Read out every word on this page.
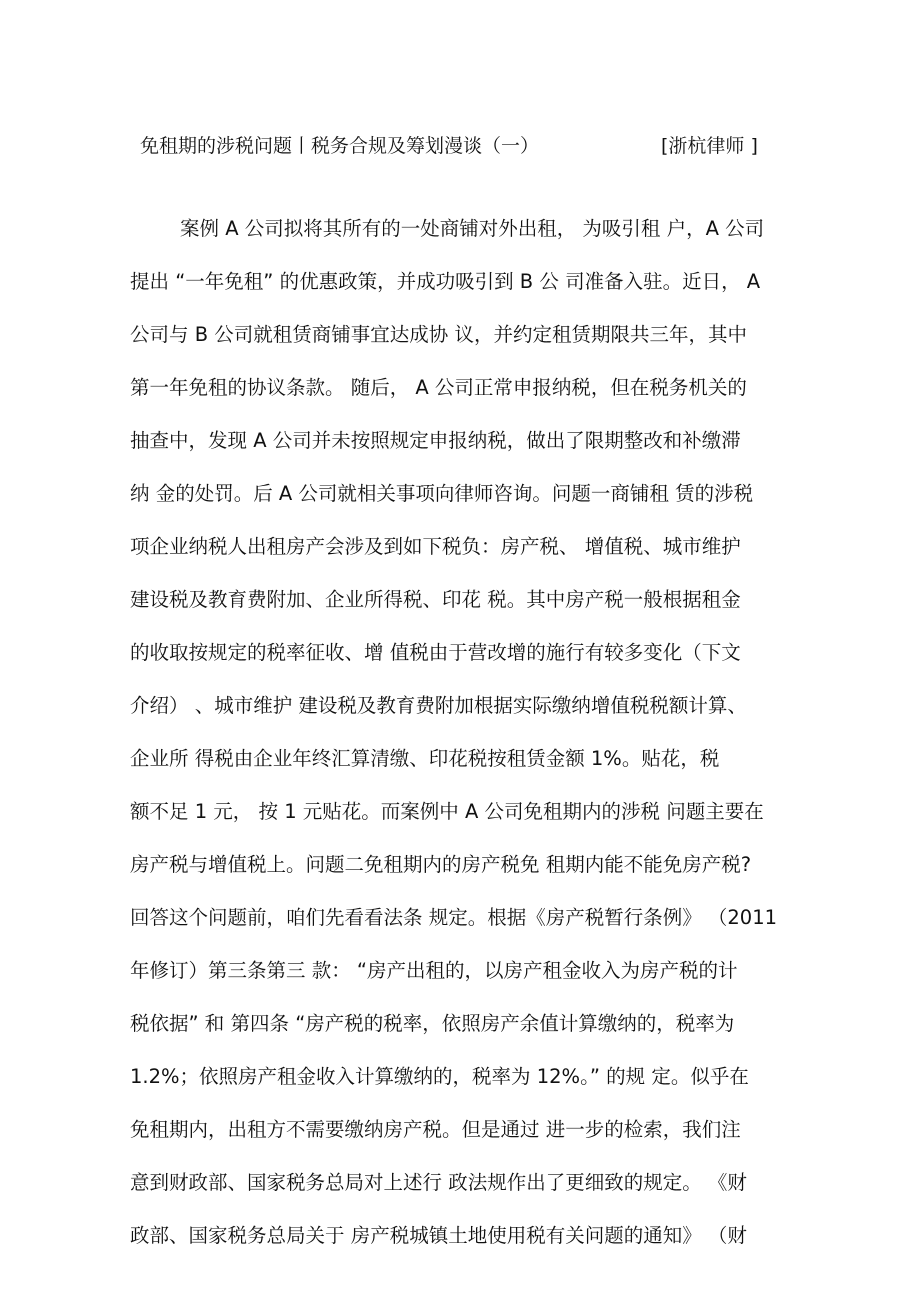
免租期的涉税问题丨税务合规及筹划漫谈（一）	[浙杭律师 ]
案例 A 公司拟将其所有的一处商铺对外出租， 为吸引租 户，A 公司
提出 “一年免租” 的优惠政策，并成功吸引到 B 公 司准备入驻。近日， A
公司与 B 公司就租赁商铺事宜达成协 议，并约定租赁期限共三年，其中
第一年免租的协议条款。 随后， A 公司正常申报纳税，但在税务机关的
抽查中，发现 A 公司并未按照规定申报纳税，做出了限期整改和补缴滞
纳 金的处罚。后 A 公司就相关事项向律师咨询。问题一商铺租 赁的涉税
项企业纳税人出租房产会涉及到如下税负：房产税、 增值税、城市维护
建设税及教育费附加、企业所得税、印花 税。其中房产税一般根据租金
的收取按规定的税率征收、增 值税由于营改增的施行有较多变化（下文
介绍） 、城市维护 建设税及教育费附加根据实际缴纳增值税税额计算、
企业所 得税由企业年终汇算清缴、印花税按租赁金额 1%。贴花，税
额不足 1 元， 按 1 元贴花。而案例中 A 公司免租期内的涉税 问题主要在
房产税与增值税上。问题二免租期内的房产税免 租期内能不能免房产税?
回答这个问题前，咱们先看看法条 规定。根据《房产税暂行条例》 （2011
年修订）第三条第三 款： “房产出租的，以房产租金收入为房产税的计
税依据” 和 第四条 “房产税的税率，依照房产余值计算缴纳的，税率为
1.2%；依照房产租金收入计算缴纳的，税率为 12%。” 的规 定。似乎在
免租期内，出租方不需要缴纳房产税。但是通过 进一步的检索，我们注
意到财政部、国家税务总局对上述行 政法规作出了更细致的规定。 《财
政部、国家税务总局关于 房产税城镇土地使用税有关问题的通知》 （财
